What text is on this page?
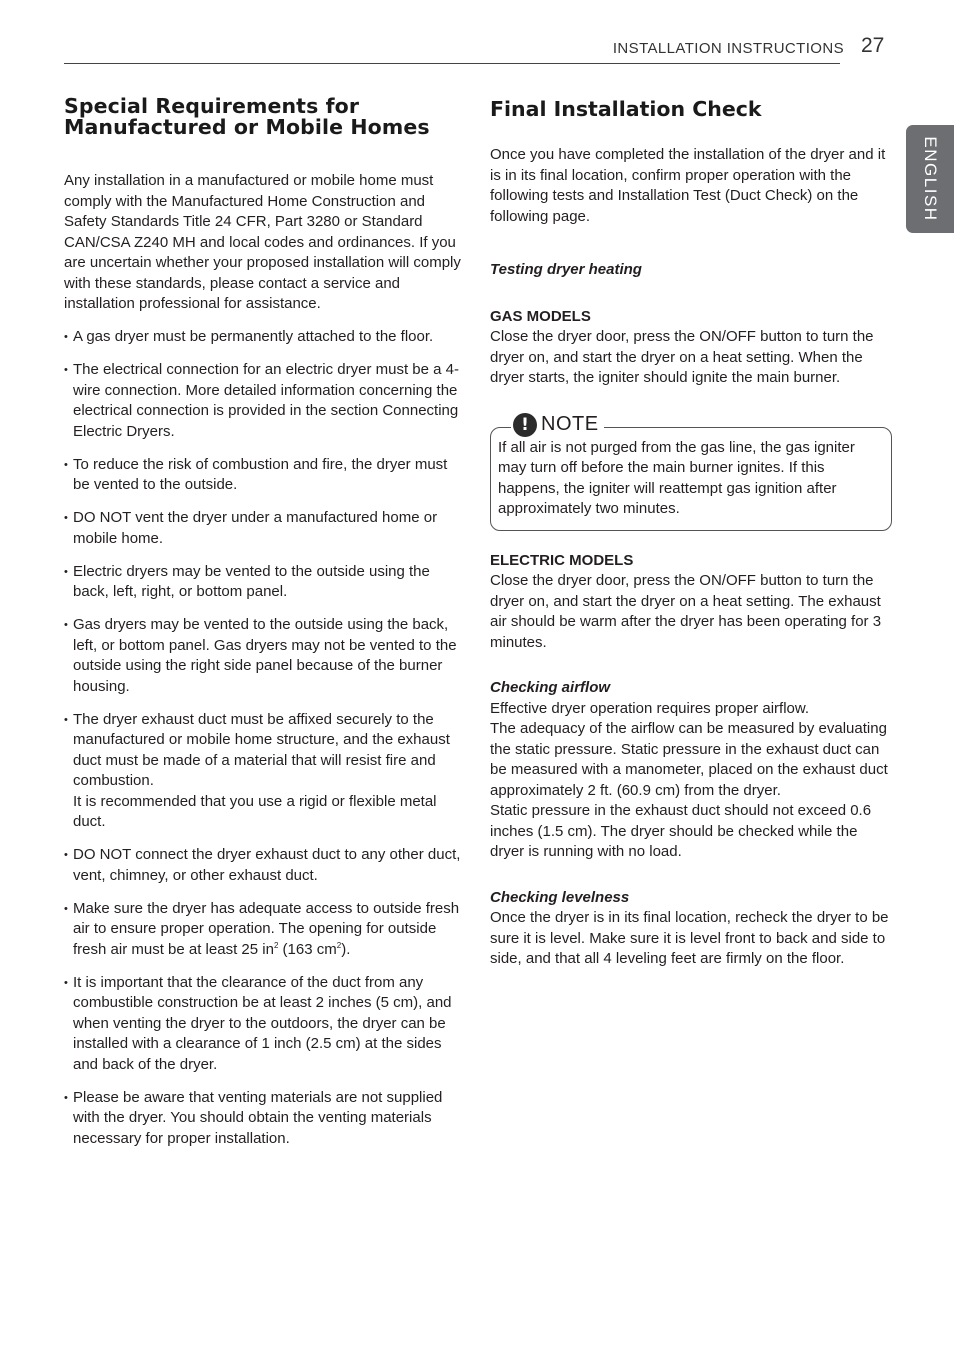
INSTALLATION INSTRUCTIONS 27
ENGLISH
Special Requirements for
Manufactured or Mobile Homes

Any installation in a manufactured or mobile home must comply with the Manufactured Home Construction and Safety Standards Title 24 CFR, Part 3280 or Standard CAN/CSA Z240 MH and local codes and ordinances. If you are uncertain whether your proposed installation will comply with these standards, please contact a service and installation professional for assistance.

• A gas dryer must be permanently attached to the floor.
• The electrical connection for an electric dryer must be a 4-wire connection. More detailed information concerning the electrical connection is provided in the section Connecting Electric Dryers.
• To reduce the risk of combustion and fire, the dryer must be vented to the outside.
• DO NOT vent the dryer under a manufactured home or mobile home.
• Electric dryers may be vented to the outside using the back, left, right, or bottom panel.
• Gas dryers may be vented to the outside using the back, left, or bottom panel. Gas dryers may not be vented to the outside using the right side panel because of the burner housing.
• The dryer exhaust duct must be affixed securely to the manufactured or mobile home structure, and the exhaust duct must be made of a material that will resist fire and combustion.
It is recommended that you use a rigid or flexible metal duct.
• DO NOT connect the dryer exhaust duct to any other duct, vent, chimney, or other exhaust duct.
• Make sure the dryer has adequate access to outside fresh air to ensure proper operation. The opening for outside fresh air must be at least 25 $in^2$ (163 $cm^2$).
• It is important that the clearance of the duct from any combustible construction be at least 2 inches (5 cm), and when venting the dryer to the outdoors, the dryer can be installed with a clearance of 1 inch (2.5 cm) at the sides and back of the dryer.
• Please be aware that venting materials are not supplied with the dryer. You should obtain the venting materials necessary for proper installation.
Final Installation Check

Once you have completed the installation of the dryer and it is in its final location, confirm proper operation with the following tests and Installation Test (Duct Check) on the following page.

Testing dryer heating

GAS MODELS

Close the dryer door, press the ON/OFF button to turn the dryer on, and start the dryer on a heat setting. When the dryer starts, the igniter should ignite the main burner.

! NOTE

If all air is not purged from the gas line, the gas igniter may turn off before the main burner ignites. If this happens, the igniter will reattempt gas ignition after approximately two minutes.

ELECTRIC MODELS

Close the dryer door, press the ON/OFF button to turn the dryer on, and start the dryer on a heat setting. The exhaust air should be warm after the dryer has been operating for 3 minutes.

Checking airflow

Effective dryer operation requires proper airflow.

The adequacy of the airflow can be measured by evaluating the static pressure. Static pressure in the exhaust duct can be measured with a manometer, placed on the exhaust duct approximately 2 ft. (60.9 cm) from the dryer.

Static pressure in the exhaust duct should not exceed 0.6 inches (1.5 cm). The dryer should be checked while the dryer is running with no load.

Checking levelness

Once the dryer is in its final location, recheck the dryer to be sure it is level. Make sure it is level front to back and side to side, and that all 4 leveling feet are firmly on the floor.
